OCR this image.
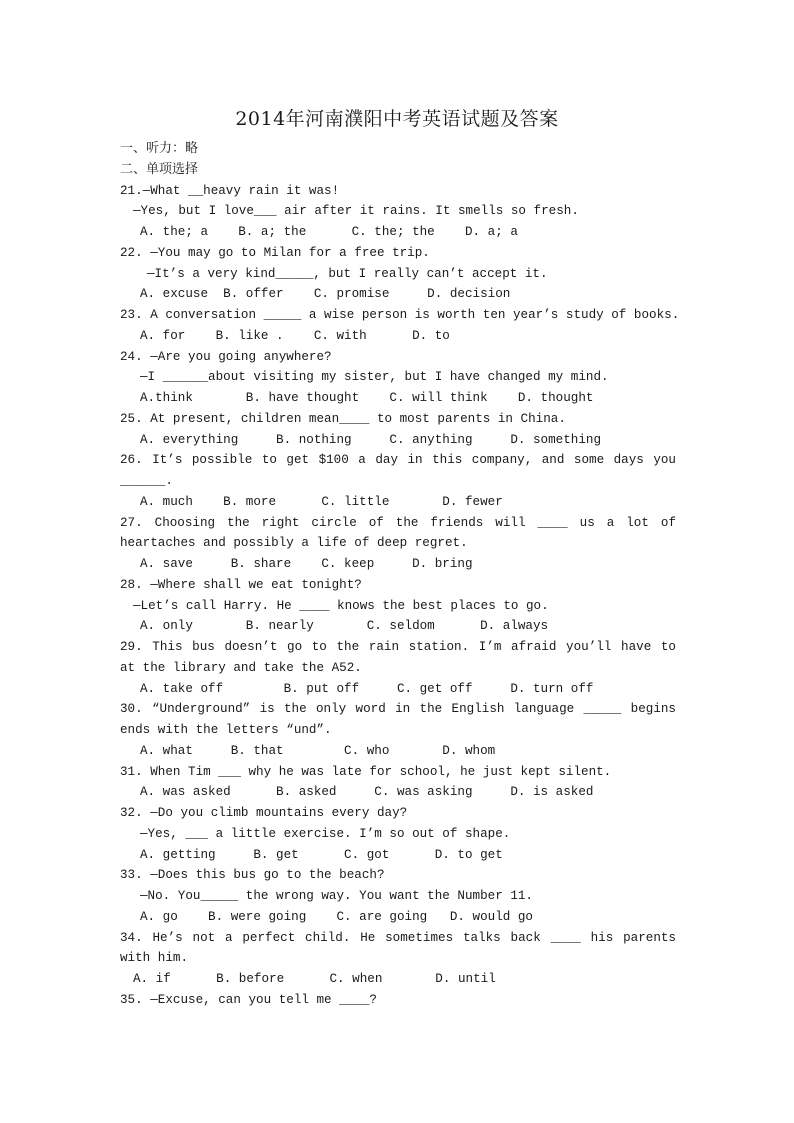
2014年河南濮阳中考英语试题及答案
一、听力：略
二、单项选择
21.—What __heavy rain it was!
—Yes, but I love___ air after it rains. It smells so fresh.
A. the; a    B. a; the      C. the; the    D. a; a
22. —You may go to Milan for a free trip.
—It’s a very kind_____, but I really can’t accept it.
A. excuse  B. offer    C. promise     D. decision
23. A conversation _____ a wise person is worth ten year’s study of books.
A. for    B. like .    C. with      D. to
24. —Are you going anywhere?
—I ______about visiting my sister, but I have changed my mind.
A.think       B. have thought    C. will think    D. thought
25. At present, children mean____ to most parents in China.
A. everything     B. nothing     C. anything     D. something
26. It’s possible to get $100 a day in this company, and some days you
______.
A. much    B. more      C. little       D. fewer
27. Choosing the right circle of the friends will ____ us a lot of
heartaches and possibly a life of deep regret.
A. save     B. share    C. keep     D. bring
28. —Where shall we eat tonight?
—Let’s call Harry. He ____ knows the best places to go.
A. only       B. nearly       C. seldom      D. always
29. This bus doesn’t go to the rain station. I’m afraid you’ll have to
at the library and take the A52.
A. take off        B. put off     C. get off     D. turn off
30. “Underground” is the only word in the English language _____ begins
ends with the letters “und”.
A. what     B. that        C. who       D. whom
31. When Tim ___ why he was late for school, he just kept silent.
A. was asked      B. asked     C. was asking     D. is asked
32. —Do you climb mountains every day?
—Yes, ___ a little exercise. I’m so out of shape.
A. getting     B. get      C. got      D. to get
33. —Does this bus go to the beach?
—No. You_____ the wrong way. You want the Number 11.
A. go    B. were going    C. are going   D. would go
34. He’s not a perfect child. He sometimes talks back ____ his parents
with him.
A. if      B. before      C. when       D. until
35. —Excuse, can you tell me ____?
